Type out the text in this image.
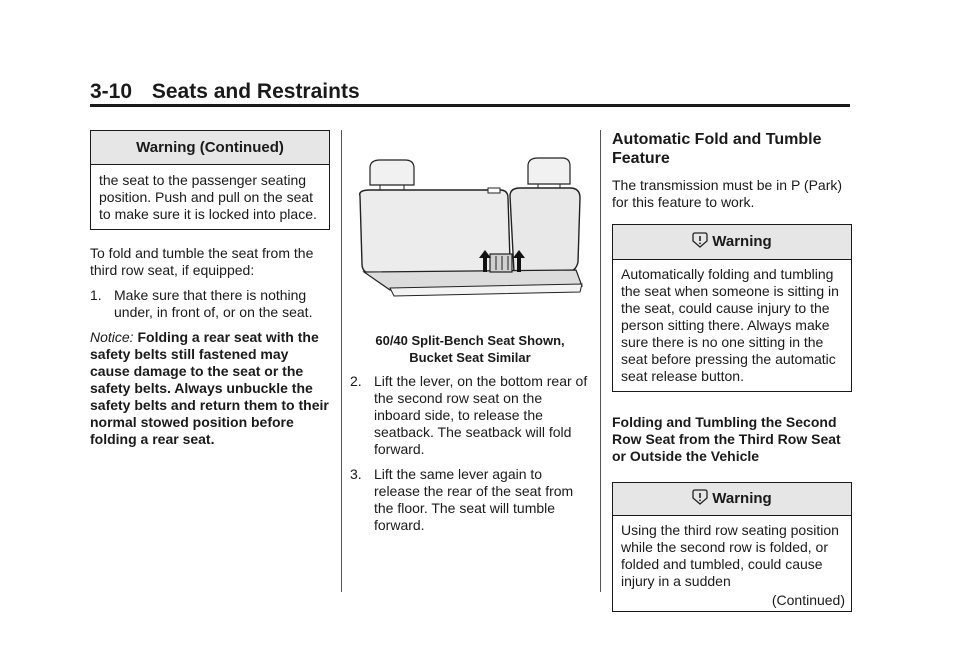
3-10 Seats and Restraints
Warning (Continued)
the seat to the passenger seating position. Push and pull on the seat to make sure it is locked into place.

To fold and tumble the seat from the third row seat, if equipped:

1. Make sure that there is nothing under, in front of, or on the seat.

Notice: Folding a rear seat with the safety belts still fastened may cause damage to the seat or the safety belts. Always unbuckle the safety belts and return them to their normal stowed position before folding a rear seat.

60/40 Split-Bench Seat Shown,
Bucket Seat Similar
2. Lift the lever, on the bottom rear of the second row seat on the inboard side, to release the seatback. The seatback will fold forward.
3. Lift the same lever again to release the rear of the seat from the floor. The seat will tumble forward.
Automatic Fold and Tumble Feature

The transmission must be in P (Park) for this feature to work.

Warning
Automatically folding and tumbling the seat when someone is sitting in the seat, could cause injury to the person sitting there. Always make sure there is no one sitting in the seat before pressing the automatic seat release button.
Folding and Tumbling the Second Row Seat from the Third Row Seat or Outside the Vehicle
Warning
Using the third row seating position while the second row is folded, or folded and tumbled, could cause injury in a sudden
(Continued)
